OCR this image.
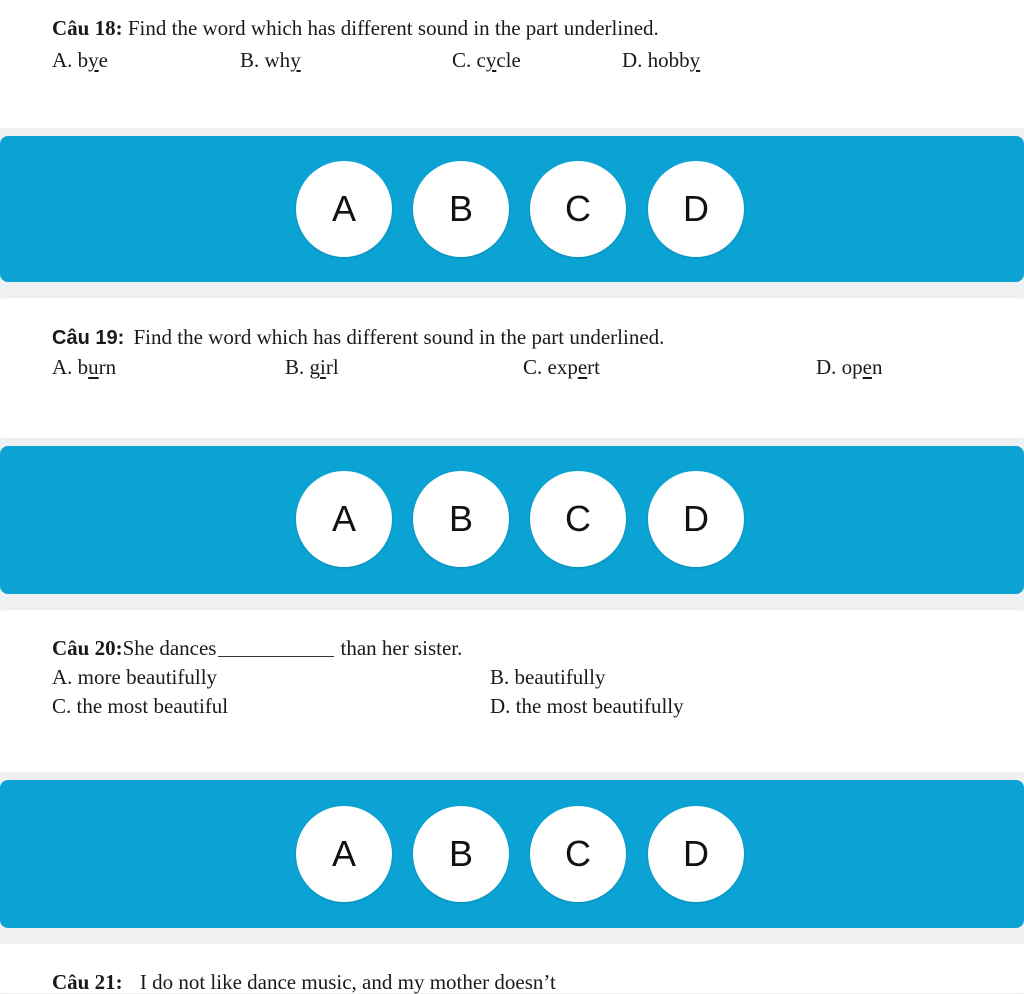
Câu 18: Find the word which has different sound in the part underlined.
A. bye	B. why	C. cycle	D. hobby
A	B	C	D
Câu 19: Find the word which has different sound in the part underlined.
A. burn	B. girl	C. expert	D. open
A	B	C	D
Câu 20:She dances	than her sister.
A. more beautifully	B. beautifully
C. the most beautiful	D. the most beautifully
A	B	C	D
Câu 21: I do not like dance music, and my mother doesn’t
